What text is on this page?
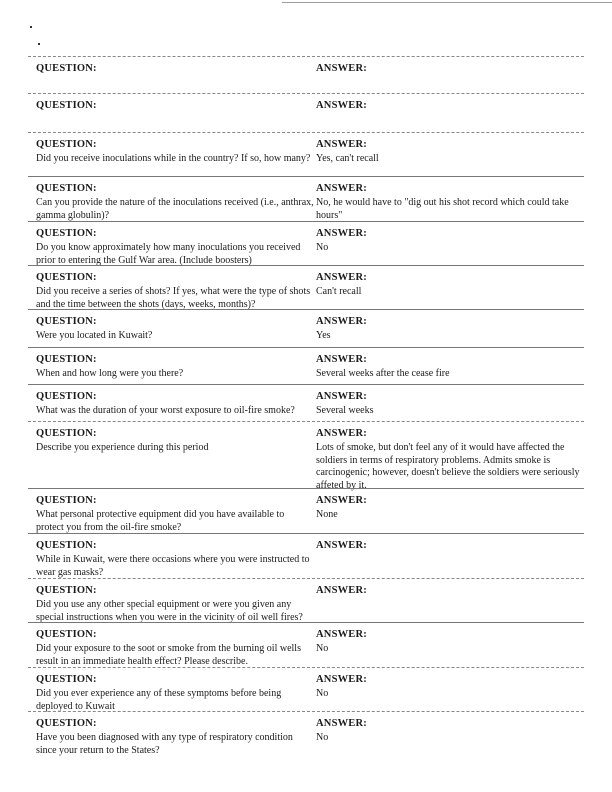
QUESTION:	ANSWER:
QUESTION:	ANSWER:
QUESTION:
Did you receive inoculations while in the country? If so, how many?
ANSWER:
Yes, can't recall
QUESTION:
Can you provide the nature of the inoculations received (i.e., anthrax, gamma globulin)?
ANSWER:
No, he would have to "dig out his shot record which could take hours"
QUESTION:
Do you know approximately how many inoculations you received prior to entering the Gulf War area. (Include boosters)
ANSWER:
No
QUESTION:
Did you receive a series of shots? If yes, what were the type of shots and the time between the shots (days, weeks, months)?
ANSWER:
Can't recall
QUESTION:
Were you located in Kuwait?
ANSWER:
Yes
QUESTION:
When and how long were you there?
ANSWER:
Several weeks after the cease fire
QUESTION:
What was the duration of your worst exposure to oil-fire smoke?
ANSWER:
Several weeks
QUESTION:
Describe you experience during this period
ANSWER:
Lots of smoke, but don't feel any of it would have affected the soldiers in terms of respiratory problems. Admits smoke is carcinogenic; however, doesn't believe the soldiers were seriously affeted by it.
QUESTION:
What personal protective equipment did you have available to protect you from the oil-fire smoke?
ANSWER:
None
QUESTION:
While in Kuwait, were there occasions where you were instructed to wear gas masks?
ANSWER:
QUESTION:
Did you use any other special equipment or were you given any special instructions when you were in the vicinity of oil well fires?
ANSWER:
QUESTION:
Did your exposure to the soot or smoke from the burning oil wells result in an immediate health effect? Please describe.
ANSWER:
No
QUESTION:
Did you ever experience any of these symptoms before being deployed to Kuwait
ANSWER:
No
QUESTION:
Have you been diagnosed with any type of respiratory condition since your return to the States?
ANSWER:
No
